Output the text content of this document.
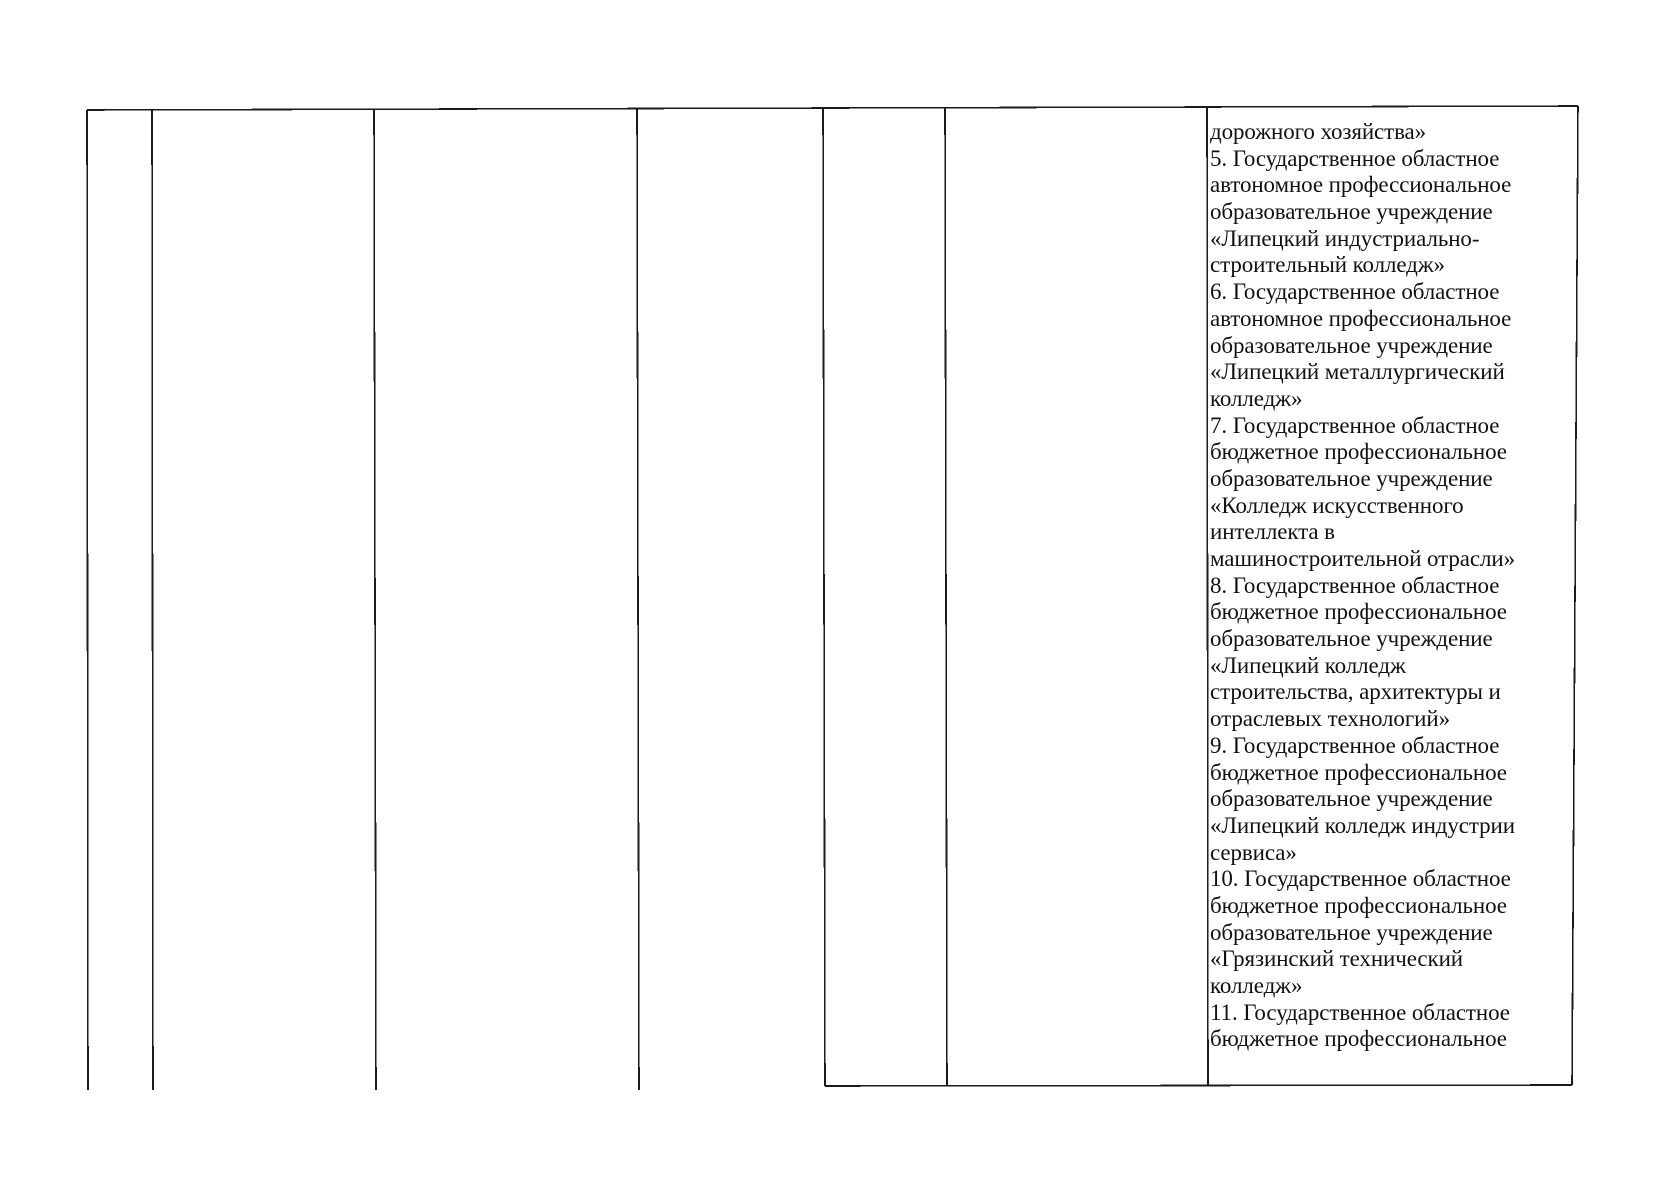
дорожного хозяйства»
5. Государственное областное
автономное профессиональное
образовательное учреждение
«Липецкий индустриально-
строительный колледж»
6. Государственное областное
автономное профессиональное
образовательное учреждение
«Липецкий металлургический
колледж»
7. Государственное областное
бюджетное профессиональное
образовательное учреждение
«Колледж искусственного
интеллекта в
машиностроительной отрасли»
8. Государственное областное
бюджетное профессиональное
образовательное учреждение
«Липецкий колледж
строительства, архитектуры и
отраслевых технологий»
9. Государственное областное
бюджетное профессиональное
образовательное учреждение
«Липецкий колледж индустрии
сервиса»
10. Государственное областное
бюджетное профессиональное
образовательное учреждение
«Грязинский технический
колледж»
11. Государственное областное
бюджетное профессиональное
